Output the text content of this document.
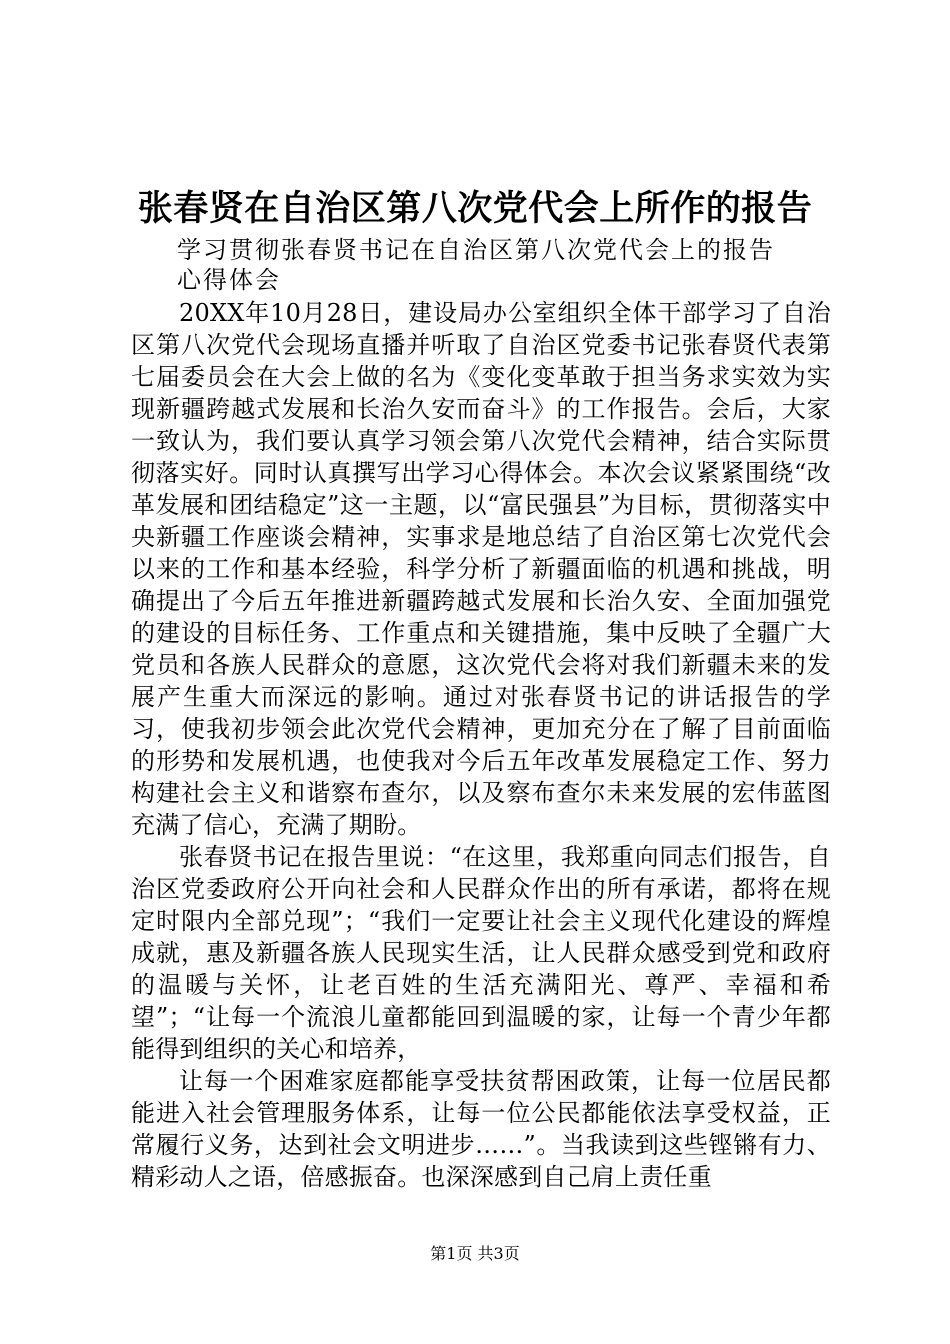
张春贤在自治区第八次党代会上所作的报告
学习贯彻张春贤书记在自治区第八次党代会上的报告
心得体会

20XX年10月28日，建设局办公室组织全体干部学习了自治区第八次党代会现场直播并听取了自治区党委书记张春贤代表第七届委员会在大会上做的名为《变化变革敢于担当务求实效为实现新疆跨越式发展和长治久安而奋斗》的工作报告。会后，大家一致认为，我们要认真学习领会第八次党代会精神，结合实际贯彻落实好。同时认真撰写出学习心得体会。本次会议紧紧围绕“改革发展和团结稳定”这一主题，以“富民强县”为目标，贯彻落实中央新疆工作座谈会精神，实事求是地总结了自治区第七次党代会以来的工作和基本经验，科学分析了新疆面临的机遇和挑战，明确提出了今后五年推进新疆跨越式发展和长治久安、全面加强党的建设的目标任务、工作重点和关键措施，集中反映了全疆广大党员和各族人民群众的意愿，这次党代会将对我们新疆未来的发展产生重大而深远的影响。通过对张春贤书记的讲话报告的学习，使我初步领会此次党代会精神，更加充分在了解了目前面临的形势和发展机遇，也使我对今后五年改革发展稳定工作、努力构建社会主义和谐察布查尔，以及察布查尔未来发展的宏伟蓝图充满了信心，充满了期盼。

张春贤书记在报告里说：“在这里，我郑重向同志们报告，自治区党委政府公开向社会和人民群众作出的所有承诺，都将在规定时限内全部兑现”；“我们一定要让社会主义现代化建设的辉煌成就，惠及新疆各族人民现实生活，让人民群众感受到党和政府的温暖与关怀，让老百姓的生活充满阳光、尊严、幸福和希望”；“让每一个流浪儿童都能回到温暖的家，让每一个青少年都能得到组织的关心和培养，

让每一个困难家庭都能享受扶贫帮困政策，让每一位居民都能进入社会管理服务体系，让每一位公民都能依法享受权益，正常履行义务，达到社会文明进步……”。当我读到这些铿锵有力、精彩动人之语，倍感振奋。也深深感到自己肩上责任重

第1页 共3页
